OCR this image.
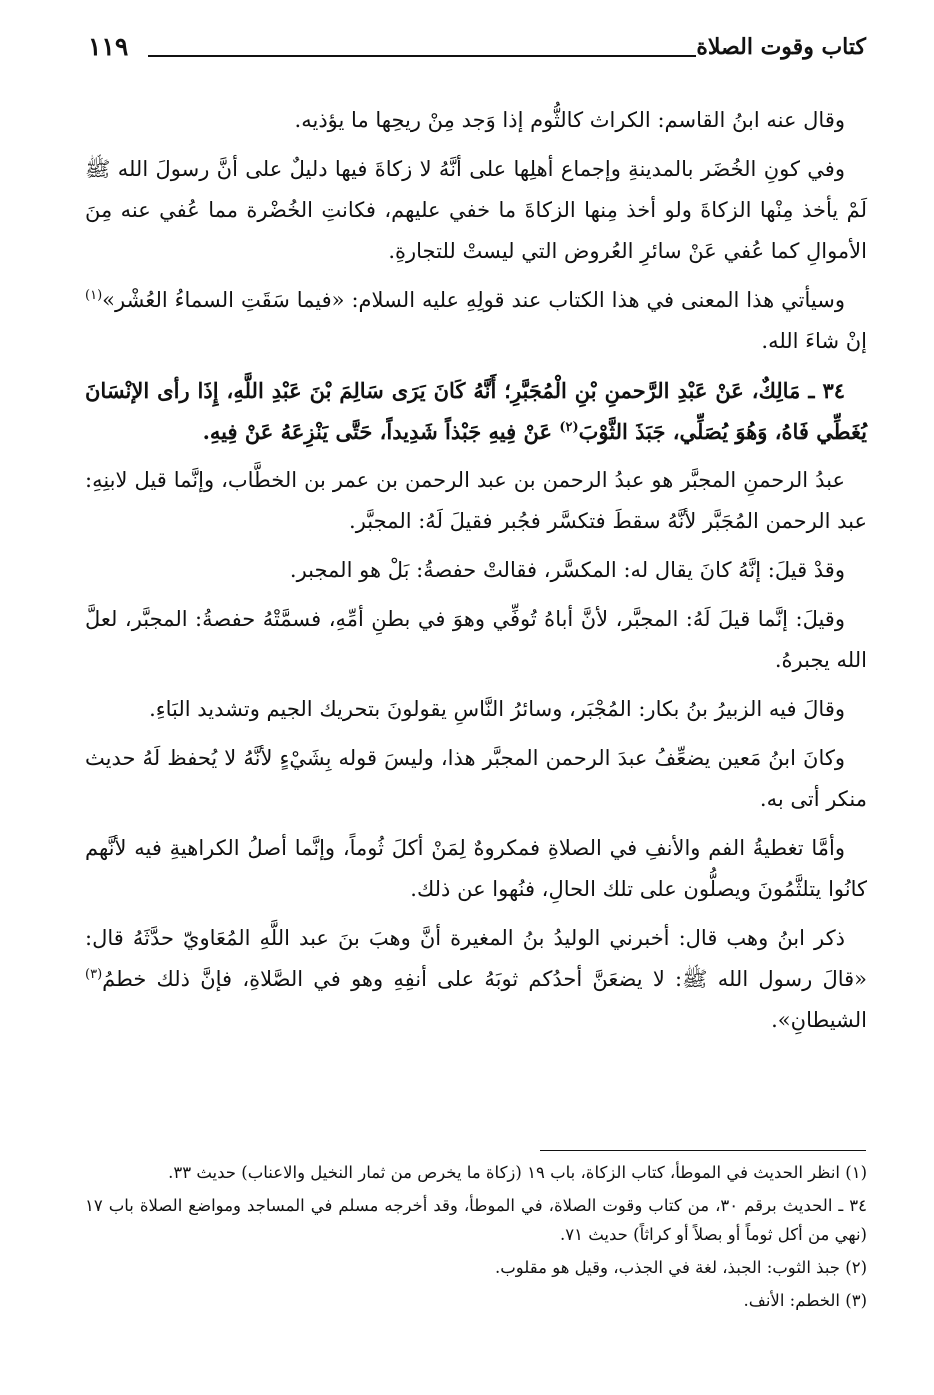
كتاب وقوت الصلاة
١١٩

وقال عنه ابنُ القاسم: الكراث كالثُّوم إذا وَجد مِنْ ريحِها ما يؤذيه.

وفي كونِ الخُضَر بالمدينةِ وإجماع أهلِها على أنَّهُ لا زكاةَ فيها دليلٌ على أنَّ رسولَ الله ﷺ لَمْ يأخذ مِنْها الزكاةَ ولو أخذ مِنها الزكاةَ ما خفي عليهم، فكانتِ الخُضْرة مما عُفي عنه مِنَ الأموالِ كما عُفي عَنْ سائرِ العُروض التي ليستْ للتجارةِ.

وسيأتي هذا المعنى في هذا الكتاب عند قولِهِ عليه السلام: «فيما سَقَتِ السماءُ العُشْر»$^{(١)}$ إنْ شاءَ الله.

٣٤ ـ مَالِكٌ، عَنْ عَبْدِ الرَّحمنِ بْنِ الْمُجَبَّرِ؛ أَنَّهُ كَانَ يَرَى سَالِمَ بْنَ عَبْدِ اللَّهِ، إِذَا رأى الإنْسَانَ يُغَطِّي فَاهُ، وَهُوَ يُصَلِّي، جَبَذَ الثَّوْبَ$^{(٢)}$ عَنْ فِيهِ جَبْذاً شَدِيداً، حَتَّى يَنْزِعَهُ عَنْ فِيهِ.

عبدُ الرحمنِ المجبَّر هو عبدُ الرحمن بن عبد الرحمن بن عمر بن الخطَّاب، وإنَّما قيل لابنِهِ: عبد الرحمن المُجَبَّر لأنَّهُ سقطَ فتكسَّر فجُبر فقيلَ لَهُ: المجبَّر.

وقدْ قيلَ: إنَّهُ كانَ يقال له: المكسَّر، فقالتْ حفصةُ: بَلْ هو المجبر.

وقيلَ: إنَّما قيلَ لَهُ: المجبَّر، لأنَّ أباهُ تُوفِّي وهوَ في بطنِ أمِّهِ، فسمَّتْهُ حفصةُ: المجبَّر، لعلَّ الله يجبرهُ.

وقالَ فيه الزبيرُ بنُ بكار: المُجْبَر، وسائرُ النَّاسِ يقولونَ بتحريك الجيم وتشديد البَاءِ.

وكانَ ابنُ مَعين يضعِّفُ عبدَ الرحمن المجبَّر هذا، وليسَ قوله بِشَيْءٍ لأنَّهُ لا يُحفظ لَهُ حديث منكر أتى به.

وأمَّا تغطيةُ الفم والأنفِ في الصلاةِ فمكروهٌ لِمَنْ أكلَ ثُوماً، وإنَّما أصلُ الكراهيةِ فيه لأنَّهم كانُوا يتلثَّمُونَ ويصلُّون على تلك الحالِ، فنُهوا عن ذلك.

ذكر ابنُ وهب قال: أخبرني الوليدُ بنُ المغيرة أنَّ وهبَ بنَ عبد اللَّهِ المُعَاويّ حدَّثَهُ قال: «قالَ رسول الله ﷺ: لا يضعَنَّ أحدُكم ثوبَهُ على أنفِهِ وهو في الصَّلاةِ، فإنَّ ذلك خطمُ$^{(٣)}$ الشيطانِ».

(١) انظر الحديث في الموطأ، كتاب الزكاة، باب ١٩ (زكاة ما يخرص من ثمار النخيل والاعناب) حديث ٣٣.

٣٤ ـ الحديث برقم ٣٠، من كتاب وقوت الصلاة، في الموطأ، وقد أخرجه مسلم في المساجد ومواضع الصلاة باب ١٧ (نهي من أكل ثوماً أو بصلاً أو كراثاً) حديث ٧١.

(٢) جبذ الثوب: الجبذ، لغة في الجذب، وقيل هو مقلوب.

(٣) الخطم: الأنف.
